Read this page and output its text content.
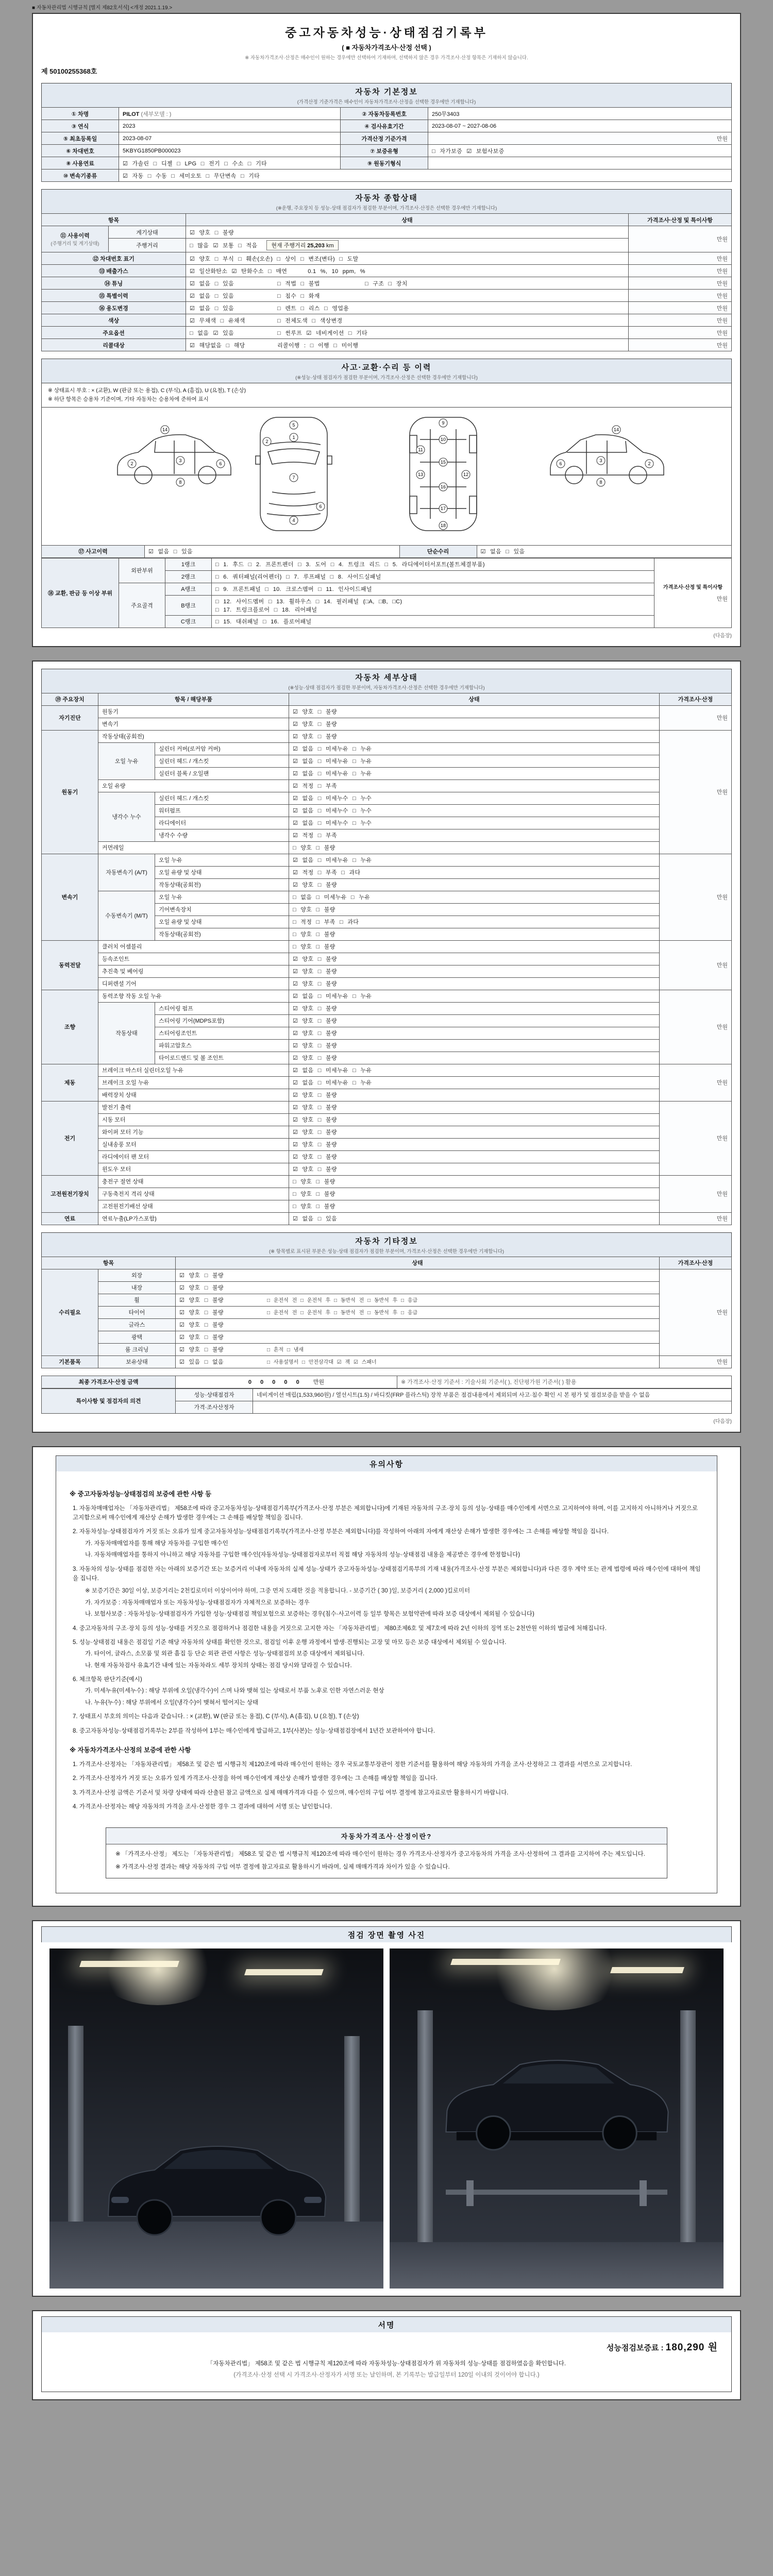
■ 자동차관리법 시행규칙 [별지 제82호서식] <개정 2021.1.19.>
중고자동차성능·상태점검기록부
( ■ 자동차가격조사·산정 선택 )
※ 자동차가격조사·산정은 매수인이 원하는 경우에만 선택하여 기재하며, 선택하지 않은 경우 가격조사·산정 항목은 기재하지 않습니다.
제 50100255368호
자동차 기본정보
(가격산정 기준가격은 매수인이 자동차가격조사·산정을 선택한 경우에만 기재합니다)
① 차명	PILOT (세부모델 : )	② 자동차등록번호	250무3403
③ 연식	2023	④ 검사유효기간	2023-08-07 ~ 2027-08-06
⑤ 최초등록일	2023-08-07	가격산정 기준가격	만원
⑥ 차대번호	5KBYG1850PB000023	⑦ 보증유형	□ 자가보증 ☑ 보험사보증
⑧ 사용연료	☑ 가솔린 □ 디젤 □ LPG □ 전기 □ 수소 □ 기타	⑨ 원동기형식	
⑩ 변속기종류	☑ 자동 □ 수동 □ 세미오토 □ 무단변속 □ 기타		
자동차 종합상태
(※운행, 주요장치 등 성능·상태 점검자가 점검한 부분이며, 가격조사·산정은 선택한 경우에만 기재합니다)
항목		상태	가격조사·산정 및 특이사항

⑪ 사용이력
(주행거리 및 계기상태)	계기상태	☑ 양호 □ 불량	만원
	주행거리	□ 많음 ☑ 보통 □ 적음 현재 주행거리 25,203 km	
⑫ 차대번호 표기		☑ 양호 □ 부식 □ 훼손(오손) □ 상이 □ 변조(변타) □ 도말	만원
⑬ 배출가스		☑ 일산화탄소 ☑ 탄화수소 □ 매연 0.1 %, 10 ppm, %	만원
⑭ 튜닝		☑ 없음 □ 있음 □ 적법 □ 불법 □ 구조 □ 장치	만원
⑮ 특별이력		☑ 없음 □ 있음 □ 침수 □ 화재	만원
⑯ 용도변경		☑ 없음 □ 있음 □ 렌트 □ 리스 □ 영업용	만원
색상		☑ 무채색 □ 유채색 □ 전체도색 □ 색상변경	만원
주요옵션		□ 없음 ☑ 있음 □ 썬루프 ☑ 네비게이션 □ 기타	만원
리콜대상		☑ 해당없음 □ 해당 리콜이행 : □ 이행 □ 미이행	만원
사고·교환·수리 등 이력
(※성능·상태 점검자가 점검한 부분이며, 가격조사·산정은 선택한 경우에만 기재합니다)
※ 상태표시 부호 : × (교환), W (판금 또는 용접), C (부식), A (흠집), U (요철), T (손상)
※ 하단 항목은 승용차 기준이며, 기타 자동차는 승용차에 준하여 표시
2
3
6
8
14
5
1
7
4
6
2
9
10
11
15
12
13
16
17
18
2
3
6
8
14
⑰ 사고이력	☑ 없음 □ 있음	단순수리	☑ 없음 □ 있음
⑱ 교환, 판금 등 이상 부위	외판부위	1랭크	□ 1. 후드 □ 2. 프론트펜더 □ 3. 도어 □ 4. 트렁크 리드 □ 5. 라디에이터서포트(볼트체결부품)	가격조사·산정 및 특이사항
만원

		2랭크	□ 6. 쿼터패널(리어펜더) □ 7. 루프패널 □ 8. 사이드실패널	
	주요골격	A랭크	□ 9. 프론트패널 □ 10. 크로스멤버 □ 11. 인사이드패널	
		B랭크	□ 12. 사이드멤버 □ 13. 휠하우스 □ 14. 필러패널 (□A, □B, □C)
□ 17. 트렁크플로어 □ 18. 리어패널	

		C랭크	□ 15. 대쉬패널 □ 16. 플로어패널	
(다음장)
자동차 세부상태
(※성능·상태 점검자가 점검한 부분이며, 자동차가격조사·산정은 선택한 경우에만 기재합니다)
⑲ 주요장치	항목 / 해당부품		상태	가격조사·산정
자기진단	원동기		☑ 양호 □ 불량	만원
	변속기		☑ 양호 □ 불량	
원동기	작동상태(공회전)		☑ 양호 □ 불량	만원
	오일 누유	실린더 커버(로커암 커버)	☑ 없음 □ 미세누유 □ 누유	
		실린더 헤드 / 개스킷	☑ 없음 □ 미세누유 □ 누유	
		실린더 블록 / 오일팬	☑ 없음 □ 미세누유 □ 누유	
	오일 유량		☑ 적정 □ 부족	
	냉각수 누수	실린더 헤드 / 개스킷	☑ 없음 □ 미세누수 □ 누수	
		워터펌프	☑ 없음 □ 미세누수 □ 누수	
		라디에이터	☑ 없음 □ 미세누수 □ 누수	
		냉각수 수량	☑ 적정 □ 부족	
	커먼레일		□ 양호 □ 불량	
변속기	자동변속기 (A/T)	오일 누유	☑ 없음 □ 미세누유 □ 누유	만원
		오일 유량 및 상태	☑ 적정 □ 부족 □ 과다	
		작동상태(공회전)	☑ 양호 □ 불량	
	수동변속기 (M/T)	오일 누유	□ 없음 □ 미세누유 □ 누유	
		기어변속장치	□ 양호 □ 불량	
		오일 유량 및 상태	□ 적정 □ 부족 □ 과다	
		작동상태(공회전)	□ 양호 □ 불량	
동력전달	클러치 어셈블리		□ 양호 □ 불량	만원
	등속조인트		☑ 양호 □ 불량	
	추진축 및 베어링		☑ 양호 □ 불량	
	디퍼렌셜 기어		☑ 양호 □ 불량	
조향	동력조향 작동 오일 누유		☑ 없음 □ 미세누유 □ 누유	만원
	작동상태	스티어링 펌프	☑ 양호 □ 불량	
		스티어링 기어(MDPS포함)	☑ 양호 □ 불량	
		스티어링조인트	☑ 양호 □ 불량	
		파워고압호스	☑ 양호 □ 불량	
		타이로드엔드 및 볼 조인트	☑ 양호 □ 불량	
제동	브레이크 마스터 실린더오일 누유		☑ 없음 □ 미세누유 □ 누유	만원
	브레이크 오일 누유		☑ 없음 □ 미세누유 □ 누유	
	배력장치 상태		☑ 양호 □ 불량	
전기	발전기 출력		☑ 양호 □ 불량	만원
	시동 모터		☑ 양호 □ 불량	
	와이퍼 모터 기능		☑ 양호 □ 불량	
	실내송풍 모터		☑ 양호 □ 불량	
	라디에이터 팬 모터		☑ 양호 □ 불량	
	윈도우 모터		☑ 양호 □ 불량	
고전원전기장치	충전구 절연 상태		□ 양호 □ 불량	만원
	구동축전지 격리 상태		□ 양호 □ 불량	
	고전원전기배선 상태		□ 양호 □ 불량	
연료	연료누출(LP가스포함)		☑ 없음 □ 있음	만원
자동차 기타정보
(※ 항목별로 표시된 부분은 성능·상태 점검자가 점검한 부분이며, 가격조사·산정은 선택한 경우에만 기재합니다)
항목		상태	가격조사·산정
수리필요	외장	☑ 양호 □ 불량	만원
	내장	☑ 양호 □ 불량	
	휠	☑ 양호 □ 불량 □ 운전석 전 □ 운전석 후 □ 동반석 전 □ 동반석 후 □ 응급	
	타이어	☑ 양호 □ 불량 □ 운전석 전 □ 운전석 후 □ 동반석 전 □ 동반석 후 □ 응급	
	글라스	☑ 양호 □ 불량	
	광택	☑ 양호 □ 불량	
	룸 크리닝	☑ 양호 □ 불량 □ 흔적 □ 냄새	
기본품목	보유상태	☑ 있음 □ 없음 □ 사용설명서 □ 안전삼각대 ☑ 잭 ☑ 스패너	만원
최종 가격조사·산정 금액	0 0 0 0 0 만원	※ 가격조사·산정 기준서 : 기술사회 기준서( ), 진단평가원 기준서( ) 활용
특이사항 및 점검자의 의견	성능·상태점검자	네비게이션 매립(1,533,960원) / 열선시트(1.5) / 바디킷(FRP 플라스틱) 장착 부품은 점검내용에서 제외되며 사고·침수 확인 시 본 평가 및 점검보증을 받을 수 없음
	가격·조사산정자	
(다음장)
유의사항
※ 중고자동차성능·상태점검의 보증에 관한 사항 등
1. 자동차매매업자는 「자동차관리법」 제58조에 따라 중고자동차성능·상태점검기록부(가격조사·산정 부분은 제외합니다)에 기재된 자동차의 구조·장치 등의 성능·상태를 매수인에게 서면으로 고지하여야 하며, 이를 고지하지 아니하거나 거짓으로 고지함으로써 매수인에게 재산상 손해가 발생한 경우에는 그 손해를 배상할 책임을 집니다.
2. 자동차성능·상태점검자가 거짓 또는 오류가 있게 중고자동차성능·상태점검기록부(가격조사·산정 부분은 제외합니다)를 작성하여 아래의 자에게 재산상 손해가 발생한 경우에는 그 손해를 배상할 책임을 집니다.
가. 자동차매매업자를 통해 해당 자동차를 구입한 매수인
나. 자동차매매업자를 통하지 아니하고 해당 자동차를 구입한 매수인(자동차성능·상태점검자로부터 직접 해당 자동차의 성능·상태점검 내용을 제공받은 경우에 한정합니다)
3. 자동차의 성능·상태를 점검한 자는 아래의 보증기간 또는 보증거리 이내에 자동차의 실제 성능·상태가 중고자동차성능·상태점검기록부의 기재 내용(가격조사·산정 부분은 제외합니다)과 다른 경우 계약 또는 관계 법령에 따라 매수인에 대하여 책임을 집니다.
※ 보증기간은 30일 이상, 보증거리는 2천킬로미터 이상이어야 하며, 그중 먼저 도래한 것을 적용합니다. - 보증기간 ( 30 )일, 보증거리 ( 2,000 )킬로미터
가. 자가보증 : 자동차매매업자 또는 자동차성능·상태점검자가 자체적으로 보증하는 경우
나. 보험사보증 : 자동차성능·상태점검자가 가입한 성능·상태점검 책임보험으로 보증하는 경우(침수·사고이력 등 일부 항목은 보험약관에 따라 보증 대상에서 제외될 수 있습니다)
4. 중고자동차의 구조·장치 등의 성능·상태를 거짓으로 점검하거나 점검한 내용을 거짓으로 고지한 자는 「자동차관리법」 제80조제6호 및 제7호에 따라 2년 이하의 징역 또는 2천만원 이하의 벌금에 처해집니다.
5. 성능·상태점검 내용은 점검일 기준 해당 자동차의 상태를 확인한 것으로, 점검일 이후 운행 과정에서 발생·진행되는 고장 및 마모 등은 보증 대상에서 제외될 수 있습니다.
가. 타이어, 글라스, 소모품 및 외관 흠집 등 단순 외관 관련 사항은 성능·상태점검의 보증 대상에서 제외됩니다.
나. 현재 자동차검사 유효기간 내에 있는 자동차라도 세부 장치의 상태는 점검 당시와 달라질 수 있습니다.
6. 체크항목 판단기준(예시)
가. 미세누유(미세누수) : 해당 부위에 오일(냉각수)이 스며 나와 맺혀 있는 상태로서 부품 노후로 인한 자연스러운 현상
나. 누유(누수) : 해당 부위에서 오일(냉각수)이 맺혀서 떨어지는 상태
7. 상태표시 부호의 의미는 다음과 같습니다. : × (교환), W (판금 또는 용접), C (부식), A (흠집), U (요철), T (손상)
8. 중고자동차성능·상태점검기록부는 2부를 작성하여 1부는 매수인에게 발급하고, 1부(사본)는 성능·상태점검장에서 1년간 보관하여야 합니다.
※ 자동차가격조사·산정의 보증에 관한 사항
1. 가격조사·산정자는 「자동차관리법」 제58조 및 같은 법 시행규칙 제120조에 따라 매수인이 원하는 경우 국토교통부장관이 정한 기준서를 활용하여 해당 자동차의 가격을 조사·산정하고 그 결과를 서면으로 고지합니다.
2. 가격조사·산정자가 거짓 또는 오류가 있게 가격조사·산정을 하여 매수인에게 재산상 손해가 발생한 경우에는 그 손해를 배상할 책임을 집니다.
3. 가격조사·산정 금액은 기준서 및 차량 상태에 따라 산출된 참고 금액으로 실제 매매가격과 다를 수 있으며, 매수인의 구입 여부 결정에 참고자료로만 활용하시기 바랍니다.
4. 가격조사·산정자는 해당 자동차의 가격을 조사·산정한 경우 그 결과에 대하여 서명 또는 날인합니다.
자동차가격조사·산정이란?
※ 「가격조사·산정」 제도는 「자동차관리법」 제58조 및 같은 법 시행규칙 제120조에 따라 매수인이 원하는 경우 가격조사·산정자가 중고자동차의 가격을 조사·산정하여 그 결과를 고지하여 주는 제도입니다.
※ 가격조사·산정 결과는 해당 자동차의 구입 여부 결정에 참고자료로 활용하시기 바라며, 실제 매매가격과 차이가 있을 수 있습니다.
점검 장면 촬영 사진
서명
성능점검보증료 : 180,290 원
「자동차관리법」 제58조 및 같은 법 시행규칙 제120조에 따라 자동차성능·상태점검자가 위 자동차의 성능·상태를 점검하였음을 확인합니다.
(가격조사·산정 선택 시 가격조사·산정자가 서명 또는 날인하며, 본 기록부는 발급일부터 120일 이내의 것이어야 합니다.)
